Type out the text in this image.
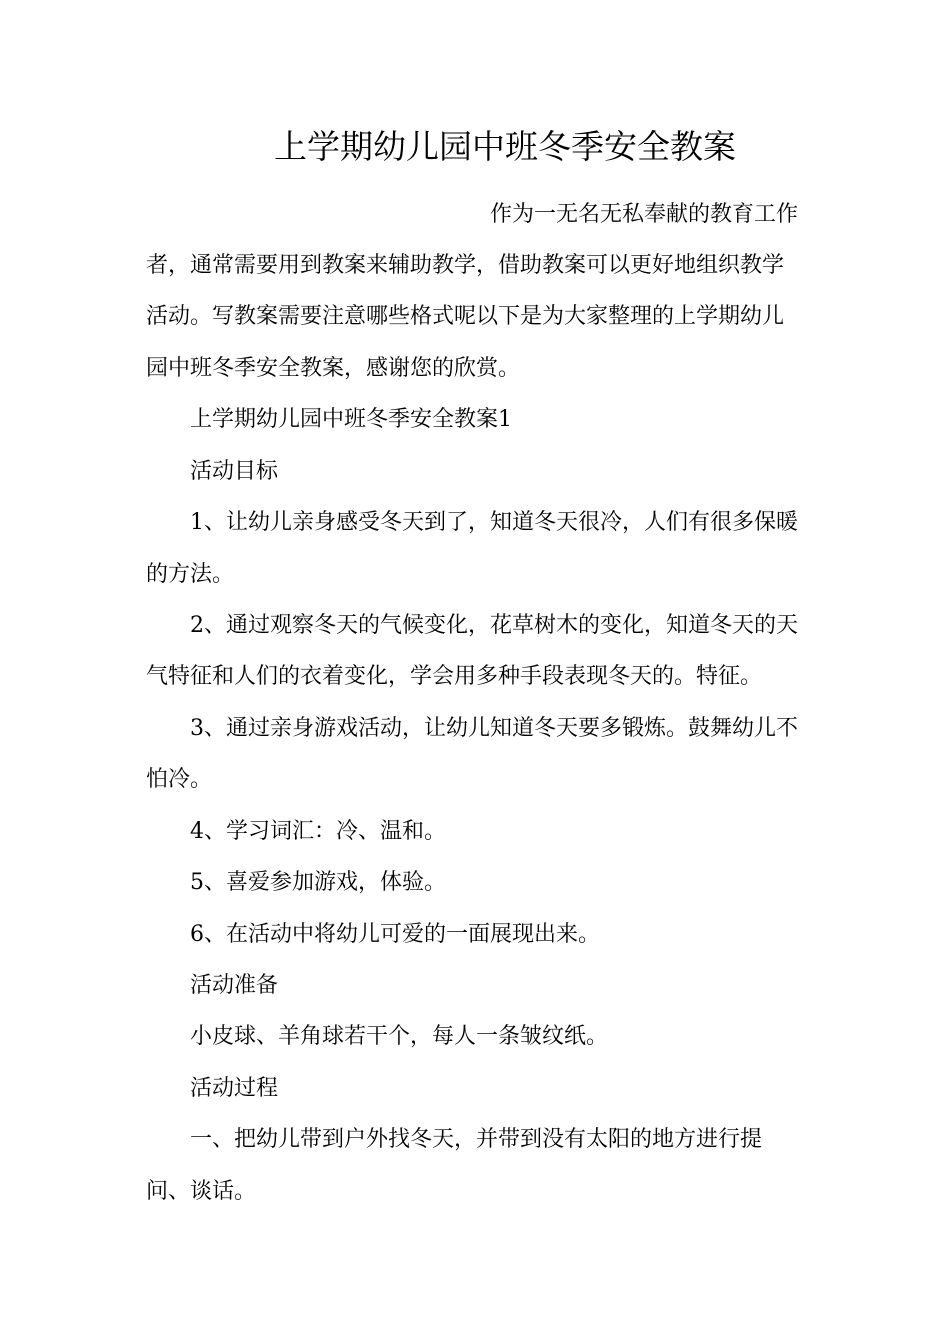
上学期幼儿园中班冬季安全教案

作为一无名无私奉献的教育工作

者，通常需要用到教案来辅助教学，借助教案可以更好地组织教学

活动。写教案需要注意哪些格式呢以下是为大家整理的上学期幼儿

园中班冬季安全教案，感谢您的欣赏。

上学期幼儿园中班冬季安全教案1

活动目标

1、让幼儿亲身感受冬天到了，知道冬天很冷，人们有很多保暖

的方法。

2、通过观察冬天的气候变化，花草树木的变化，知道冬天的天

气特征和人们的衣着变化，学会用多种手段表现冬天的。特征。

3、通过亲身游戏活动，让幼儿知道冬天要多锻炼。鼓舞幼儿不

怕冷。

4、学习词汇：冷、温和。

5、喜爱参加游戏，体验。

6、在活动中将幼儿可爱的一面展现出来。

活动准备

小皮球、羊角球若干个，每人一条皱纹纸。

活动过程

一、把幼儿带到户外找冬天，并带到没有太阳的地方进行提

问、谈话。
